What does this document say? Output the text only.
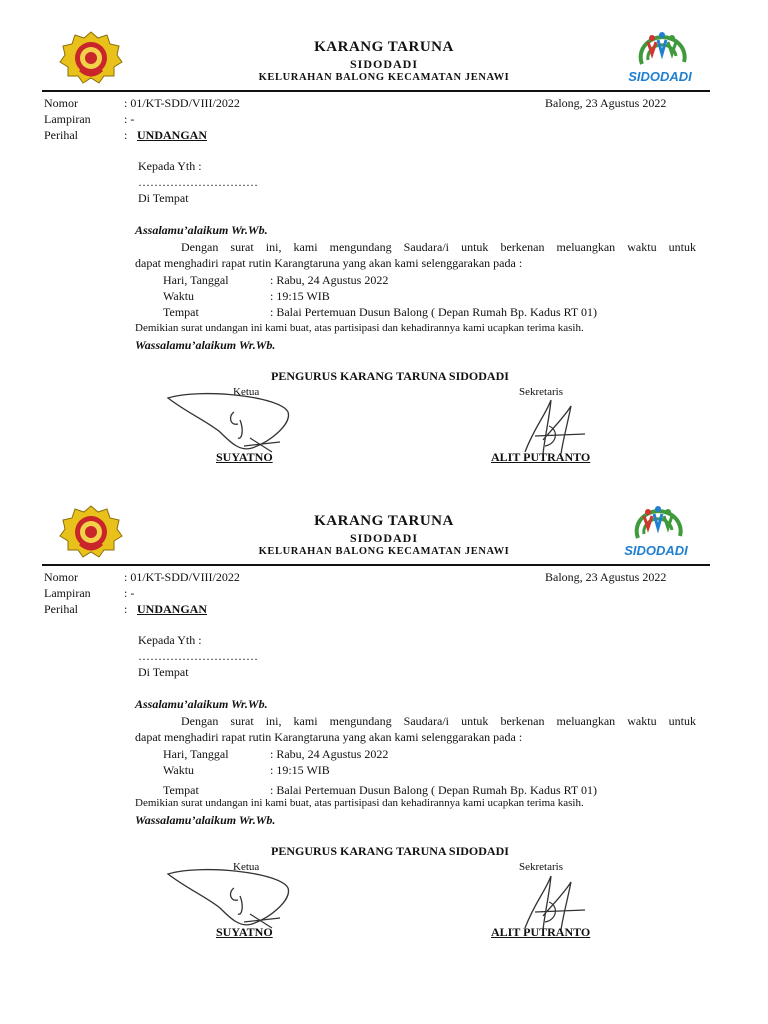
KARANG TARUNA
SIDODADI
KELURAHAN BALONG KECAMATAN JENAWI	SIDODADI
Nomor	: 01/KT-SDD/VIII/2022	Balong, 23 Agustus 2022
Lampiran	: -
Perihal	: UNDANGAN
Kepada Yth :
…………………………
Di Tempat
Assalamu’alaikum Wr.Wb.
Dengan surat ini, kami mengundang Saudara/i untuk berkenan meluangkan waktu untuk
dapat menghadiri rapat rutin Karangtaruna yang akan kami selenggarakan pada :
Hari, Tanggal	: Rabu, 24 Agustus 2022
Waktu	: 19:15 WIB
Tempat	: Balai Pertemuan Dusun Balong ( Depan Rumah Bp. Kadus RT 01)
Demikian surat undangan ini kami buat, atas partisipasi dan kehadirannya kami ucapkan terima kasih.
Wassalamu’alaikum Wr.Wb.
PENGURUS KARANG TARUNA SIDODADI
Ketua	Sekretaris
SUYATNO	ALIT PUTRANTO
KARANG TARUNA
SIDODADI
KELURAHAN BALONG KECAMATAN JENAWI	SIDODADI
Nomor	: 01/KT-SDD/VIII/2022	Balong, 23 Agustus 2022
Lampiran	: -
Perihal	: UNDANGAN
Kepada Yth :
…………………………
Di Tempat
Assalamu’alaikum Wr.Wb.
Dengan surat ini, kami mengundang Saudara/i untuk berkenan meluangkan waktu untuk
dapat menghadiri rapat rutin Karangtaruna yang akan kami selenggarakan pada :
Hari, Tanggal	: Rabu, 24 Agustus 2022
Waktu	: 19:15 WIB
Tempat	: Balai Pertemuan Dusun Balong ( Depan Rumah Bp. Kadus RT 01)
Demikian surat undangan ini kami buat, atas partisipasi dan kehadirannya kami ucapkan terima kasih.
Wassalamu’alaikum Wr.Wb.
PENGURUS KARANG TARUNA SIDODADI
Ketua	Sekretaris
SUYATNO	ALIT PUTRANTO
